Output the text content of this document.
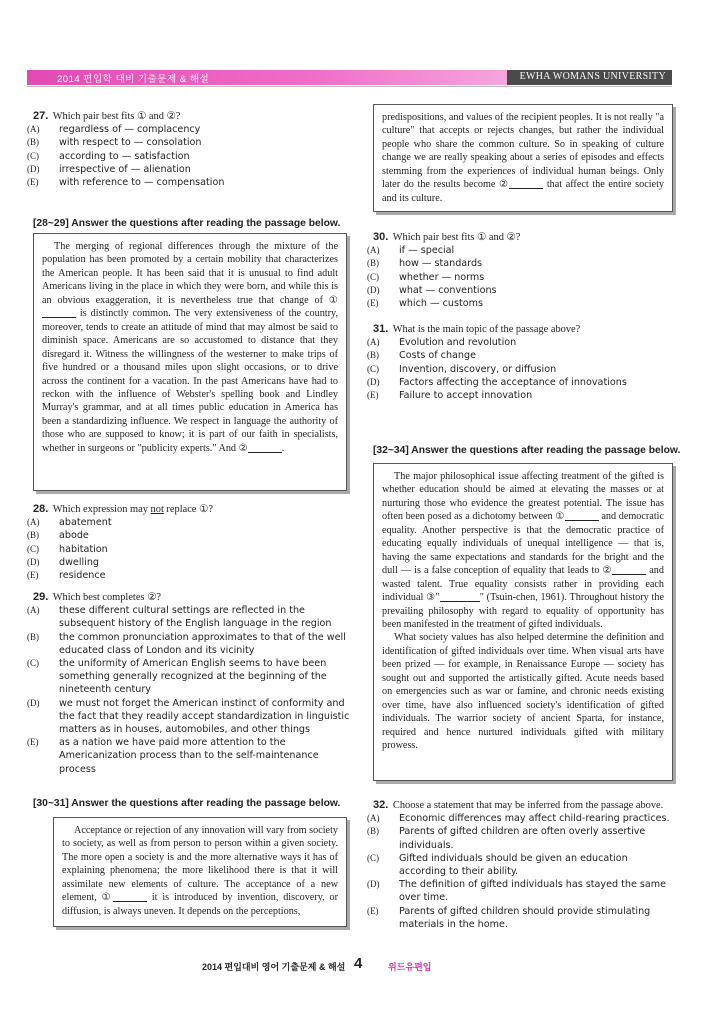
2014 편입학 대비 기출문제 & 해설	EWHA WOMANS UNIVERSITY
27. Which pair best fits ① and ②?
(A) regardless of — complacency
(B) with respect to — consolation
(C) according to — satisfaction
(D) irrespective of — alienation
(E) with reference to — compensation
[28~29] Answer the questions after reading the passage below.

The merging of regional differences through the mixture of the population has been promoted by a certain mobility that characterizes the American people. It has been said that it is unusual to find adult Americans living in the place in which they were born, and while this is an obvious exaggeration, it is nevertheless true that change of ① is distinctly common. The very extensiveness of the country, moreover, tends to create an attitude of mind that may almost be said to diminish space. Americans are so accustomed to distance that they disregard it. Witness the willingness of the westerner to make trips of five hundred or a thousand miles upon slight occasions, or to drive across the continent for a vacation. In the past Americans have had to reckon with the influence of Webster's spelling book and Lindley Murray's grammar, and at all times public education in America has been a standardizing influence. We respect in language the authority of those who are supposed to know; it is part of our faith in specialists, whether in surgeons or "publicity experts." And ②	.

28. Which expression may not replace ①?
(A) abatement
(B) abode
(C) habitation
(D) dwelling
(E) residence
29. Which best completes ②?
(A) these different cultural settings are reflected in the subsequent history of the English language in the region
(B) the common pronunciation approximates to that of the well educated class of London and its vicinity
(C) the uniformity of American English seems to have been something generally recognized at the beginning of the nineteenth century
(D) we must not forget the American instinct of conformity and the fact that they readily accept standardization in linguistic matters as in houses, automobiles, and other things
(E) as a nation we have paid more attention to the Americanization process than to the self-maintenance process
[30~31] Answer the questions after reading the passage below.

Acceptance or rejection of any innovation will vary from society to society, as well as from person to person within a given society. The more open a society is and the more alternative ways it has of explaining phenomena; the more likelihood there is that it will assimilate new elements of culture. The acceptance of a new element, ①	it is introduced by invention, discovery, or diffusion, is always uneven. It depends on the perceptions,

predispositions, and values of the recipient peoples. It is not really "a culture" that accepts or rejects changes, but rather the individual people who share the common culture. So in speaking of culture change we are really speaking about a series of episodes and effects stemming from the experiences of individual human beings. Only later do the results become ②	that affect the entire society and its culture.

30. Which pair best fits ① and ②?
(A) if — special
(B) how — standards
(C) whether — norms
(D) what — conventions
(E) which — customs
31. What is the main topic of the passage above?
(A) Evolution and revolution
(B) Costs of change
(C) Invention, discovery, or diffusion
(D) Factors affecting the acceptance of innovations
(E) Failure to accept innovation
[32~34] Answer the questions after reading the passage below.

The major philosophical issue affecting treatment of the gifted is whether education should be aimed at elevating the masses or at nurturing those who evidence the greatest potential. The issue has often been posed as a dichotomy between ①	and democratic equality. Another perspective is that the democratic practice of educating equally individuals of unequal intelligence — that is, having the same expectations and standards for the bright and the dull — is a false conception of equality that leads to ②	and wasted talent. True equality consists rather in providing each individual ③"	" (Tsuin-chen, 1961). Throughout history the prevailing philosophy with regard to equality of opportunity has been manifested in the treatment of gifted individuals.

What society values has also helped determine the definition and identification of gifted individuals over time. When visual arts have been prized — for example, in Renaissance Europe — society has sought out and supported the artistically gifted. Acute needs based on emergencies such as war or famine, and chronic needs existing over time, have also influenced society's identification of gifted individuals. The warrior society of ancient Sparta, for instance, required and hence nurtured individuals gifted with military prowess.

32. Choose a statement that may be inferred from the passage above.
(A) Economic differences may affect child-rearing practices.
(B) Parents of gifted children are often overly assertive individuals.
(C) Gifted individuals should be given an education according to their ability.
(D) The definition of gifted individuals has stayed the same over time.
(E) Parents of gifted children should provide stimulating materials in the home.
2014 편입대비 영어 기출문제 & 해설 4	위드유편입
